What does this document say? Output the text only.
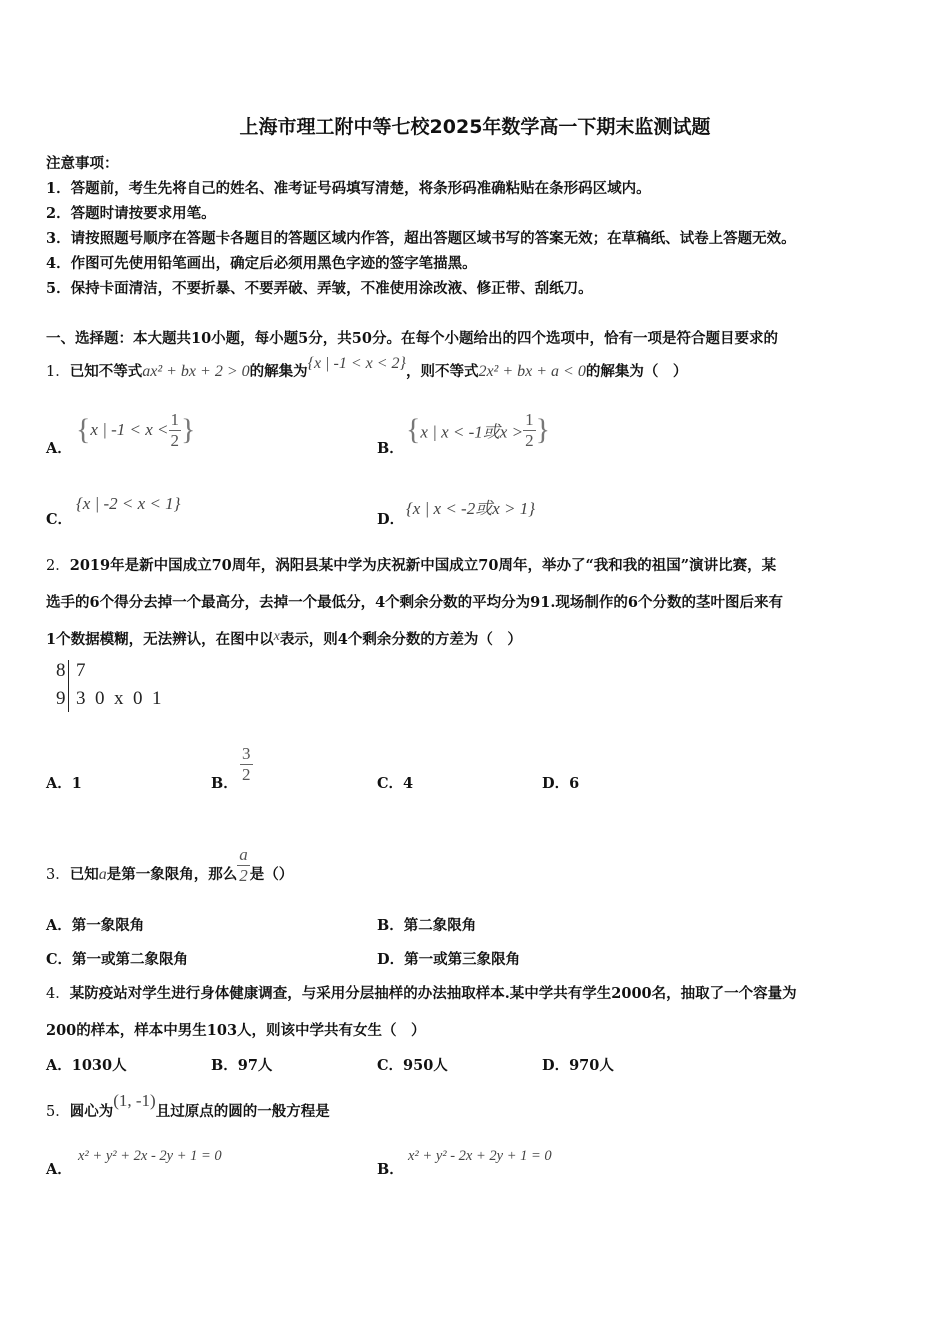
上海市理工附中等七校2025年数学高一下期末监测试题
注意事项：
1．答题前，考生先将自己的姓名、准考证号码填写清楚，将条形码准确粘贴在条形码区域内。
2．答题时请按要求用笔。
3．请按照题号顺序在答题卡各题目的答题区域内作答，超出答题区域书写的答案无效；在草稿纸、试卷上答题无效。
4．作图可先使用铅笔画出，确定后必须用黑色字迹的签字笔描黑。
5．保持卡面清洁，不要折暴、不要弄破、弄皱，不准使用涂改液、修正带、刮纸刀。
一、选择题：本大题共10小题，每小题5分，共50分。在每个小题给出的四个选项中，恰有一项是符合题目要求的
1．已知不等式ax² + bx + 2 > 0的解集为{x | -1 < x < 2}，则不等式2x² + bx + a < 0的解集为（　）
A．
{x | $-1 < x < \frac{1}{2}$ }
B．
{x | x < -1或$x > \frac{1}{2}$ }
C．
{x | -2 < x < 1}
D．
{x | x < -2或x > 1}
2．2019年是新中国成立70周年，涡阳县某中学为庆祝新中国成立70周年，举办了“我和我的祖国”演讲比赛，某
选手的6个得分去掉一个最高分，去掉一个最低分，4个剩余分数的平均分为91.现场制作的6个分数的茎叶图后来有
1个数据模糊，无法辨认，在图中以x表示，则4个剩余分数的方差为（　）
8 7
9 3  0  x  0  1
A．1	B． $\frac{3}{2}$	C．4	D．6
3．已知a是第一象限角，那么 $\frac{a}{2}$ 是（）
A．第一象限角	B．第二象限角
C．第一或第二象限角	D．第一或第三象限角
4．某防疫站对学生进行身体健康调查，与采用分层抽样的办法抽取样本.某中学共有学生2000名，抽取了一个容量为
200的样本，样本中男生103人，则该中学共有女生（　）
A．1030人	B．97人	C．950人	D．970人
5．圆心为(1, -1)且过原点的圆的一般方程是
A．
x² + y² + 2x - 2y + 1 = 0
B．
x² + y² - 2x + 2y + 1 = 0
